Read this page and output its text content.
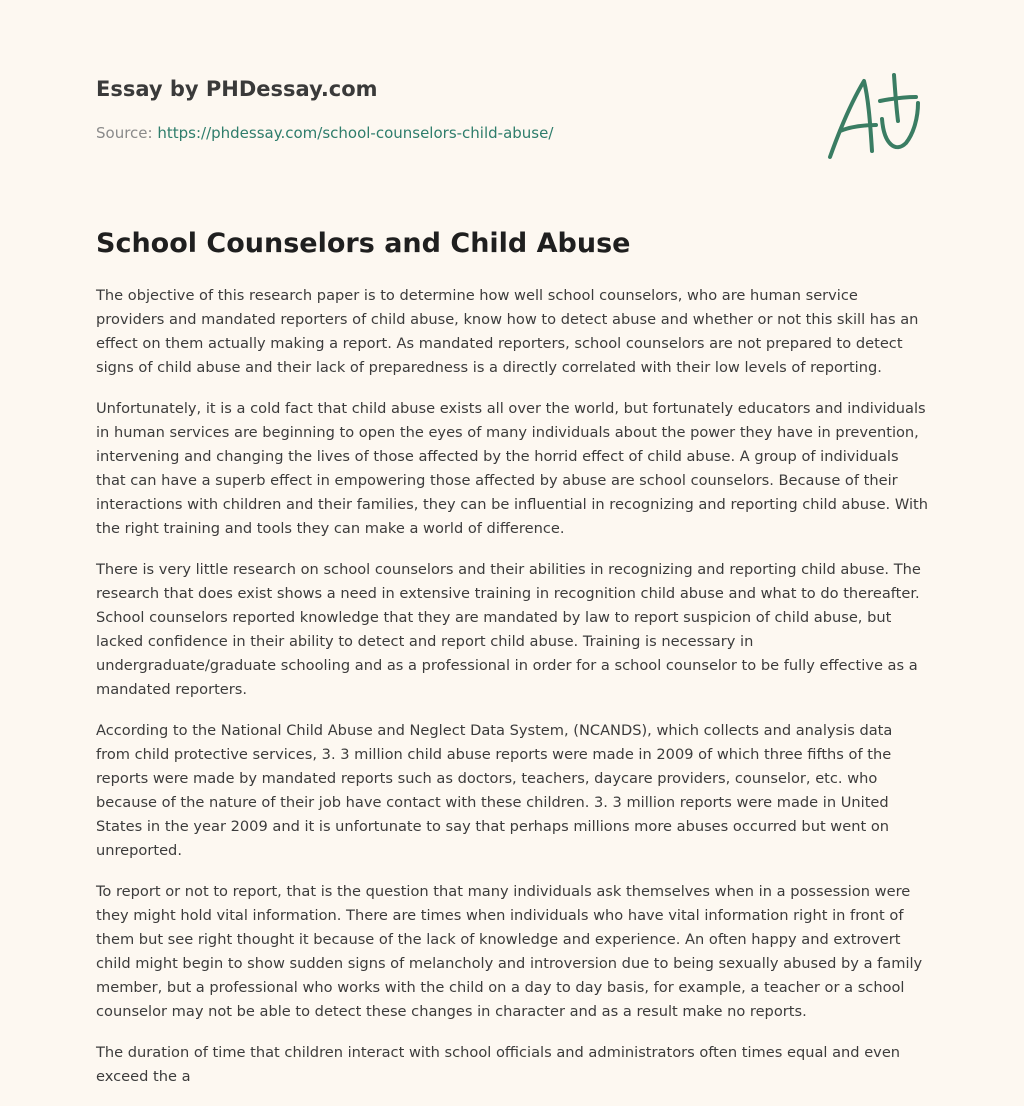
Essay by PHDessay.com

Source: https://phdessay.com/school-counselors-child-abuse/
School Counselors and Child Abuse

The objective of this research paper is to determine how well school counselors, who are human service providers and mandated reporters of child abuse, know how to detect abuse and whether or not this skill has an effect on them actually making a report. As mandated reporters, school counselors are not prepared to detect signs of child abuse and their lack of preparedness is a directly correlated with their low levels of reporting.

Unfortunately, it is a cold fact that child abuse exists all over the world, but fortunately educators and individuals in human services are beginning to open the eyes of many individuals about the power they have in prevention, intervening and changing the lives of those affected by the horrid effect of child abuse. A group of individuals that can have a superb effect in empowering those affected by abuse are school counselors. Because of their interactions with children and their families, they can be influential in recognizing and reporting child abuse. With the right training and tools they can make a world of difference.

There is very little research on school counselors and their abilities in recognizing and reporting child abuse. The research that does exist shows a need in extensive training in recognition child abuse and what to do thereafter. School counselors reported knowledge that they are mandated by law to report suspicion of child abuse, but lacked confidence in their ability to detect and report child abuse. Training is necessary in undergraduate/graduate schooling and as a professional in order for a school counselor to be fully effective as a mandated reporters.

According to the National Child Abuse and Neglect Data System, (NCANDS), which collects and analysis data from child protective services, 3. 3 million child abuse reports were made in 2009 of which three fifths of the reports were made by mandated reports such as doctors, teachers, daycare providers, counselor, etc. who because of the nature of their job have contact with these children. 3. 3 million reports were made in United States in the year 2009 and it is unfortunate to say that perhaps millions more abuses occurred but went on unreported.

To report or not to report, that is the question that many individuals ask themselves when in a possession were they might hold vital information. There are times when individuals who have vital information right in front of them but see right thought it because of the lack of knowledge and experience. An often happy and extrovert child might begin to show sudden signs of melancholy and introversion due to being sexually abused by a family member, but a professional who works with the child on a day to day basis, for example, a teacher or a school counselor may not be able to detect these changes in character and as a result make no reports.

The duration of time that children interact with school officials and administrators often times equal and even exceed the a
